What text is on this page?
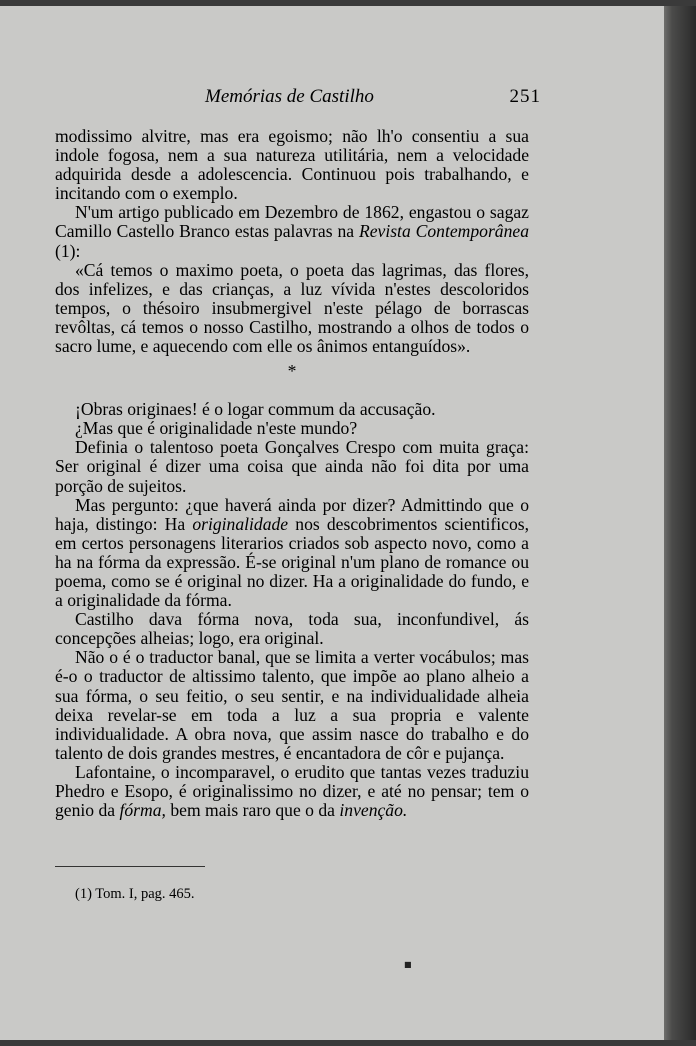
Memórias de Castilho	251

modissimo alvitre, mas era egoismo; não lh'o consentiu a sua indole fogosa, nem a sua natureza utilitária, nem a velocidade adquirida desde a adolescencia. Continuou pois trabalhando, e incitando com o exemplo.

N'um artigo publicado em Dezembro de 1862, engastou o sagaz Camillo Castello Branco estas palavras na Revista Contemporânea (1):

«Cá temos o maximo poeta, o poeta das lagrimas, das flores, dos infelizes, e das crianças, a luz vívida n'estes descoloridos tempos, o thésoiro insubmergivel n'este pélago de borrascas revôltas, cá temos o nosso Castilho, mostrando a olhos de todos o sacro lume, e aquecendo com elle os ânimos entanguídos».

*

¡Obras originaes! é o logar commum da accusação.

¿Mas que é originalidade n'este mundo?

Definia o talentoso poeta Gonçalves Crespo com muita graça: Ser original é dizer uma coisa que ainda não foi dita por uma porção de sujeitos.

Mas pergunto: ¿que haverá ainda por dizer? Admittindo que o haja, distingo: Ha originalidade nos descobrimentos scientificos, em certos personagens literarios criados sob aspecto novo, como a ha na fórma da expressão. É-se original n'um plano de romance ou poema, como se é original no dizer. Ha a originalidade do fundo, e a originalidade da fórma.

Castilho dava fórma nova, toda sua, inconfundivel, ás concepções alheias; logo, era original.

Não o é o traductor banal, que se limita a verter vocábulos; mas é-o o traductor de altissimo talento, que impõe ao plano alheio a sua fórma, o seu feitio, o seu sentir, e na individualidade alheia deixa revelar-se em toda a luz a sua propria e valente individualidade. A obra nova, que assim nasce do trabalho e do talento de dois grandes mestres, é encantadora de côr e pujança.

Lafontaine, o incomparavel, o erudito que tantas vezes traduziu Phedro e Esopo, é originalissimo no dizer, e até no pensar; tem o genio da fórma, bem mais raro que o da invenção.

(1) Tom. I, pag. 465.
■
